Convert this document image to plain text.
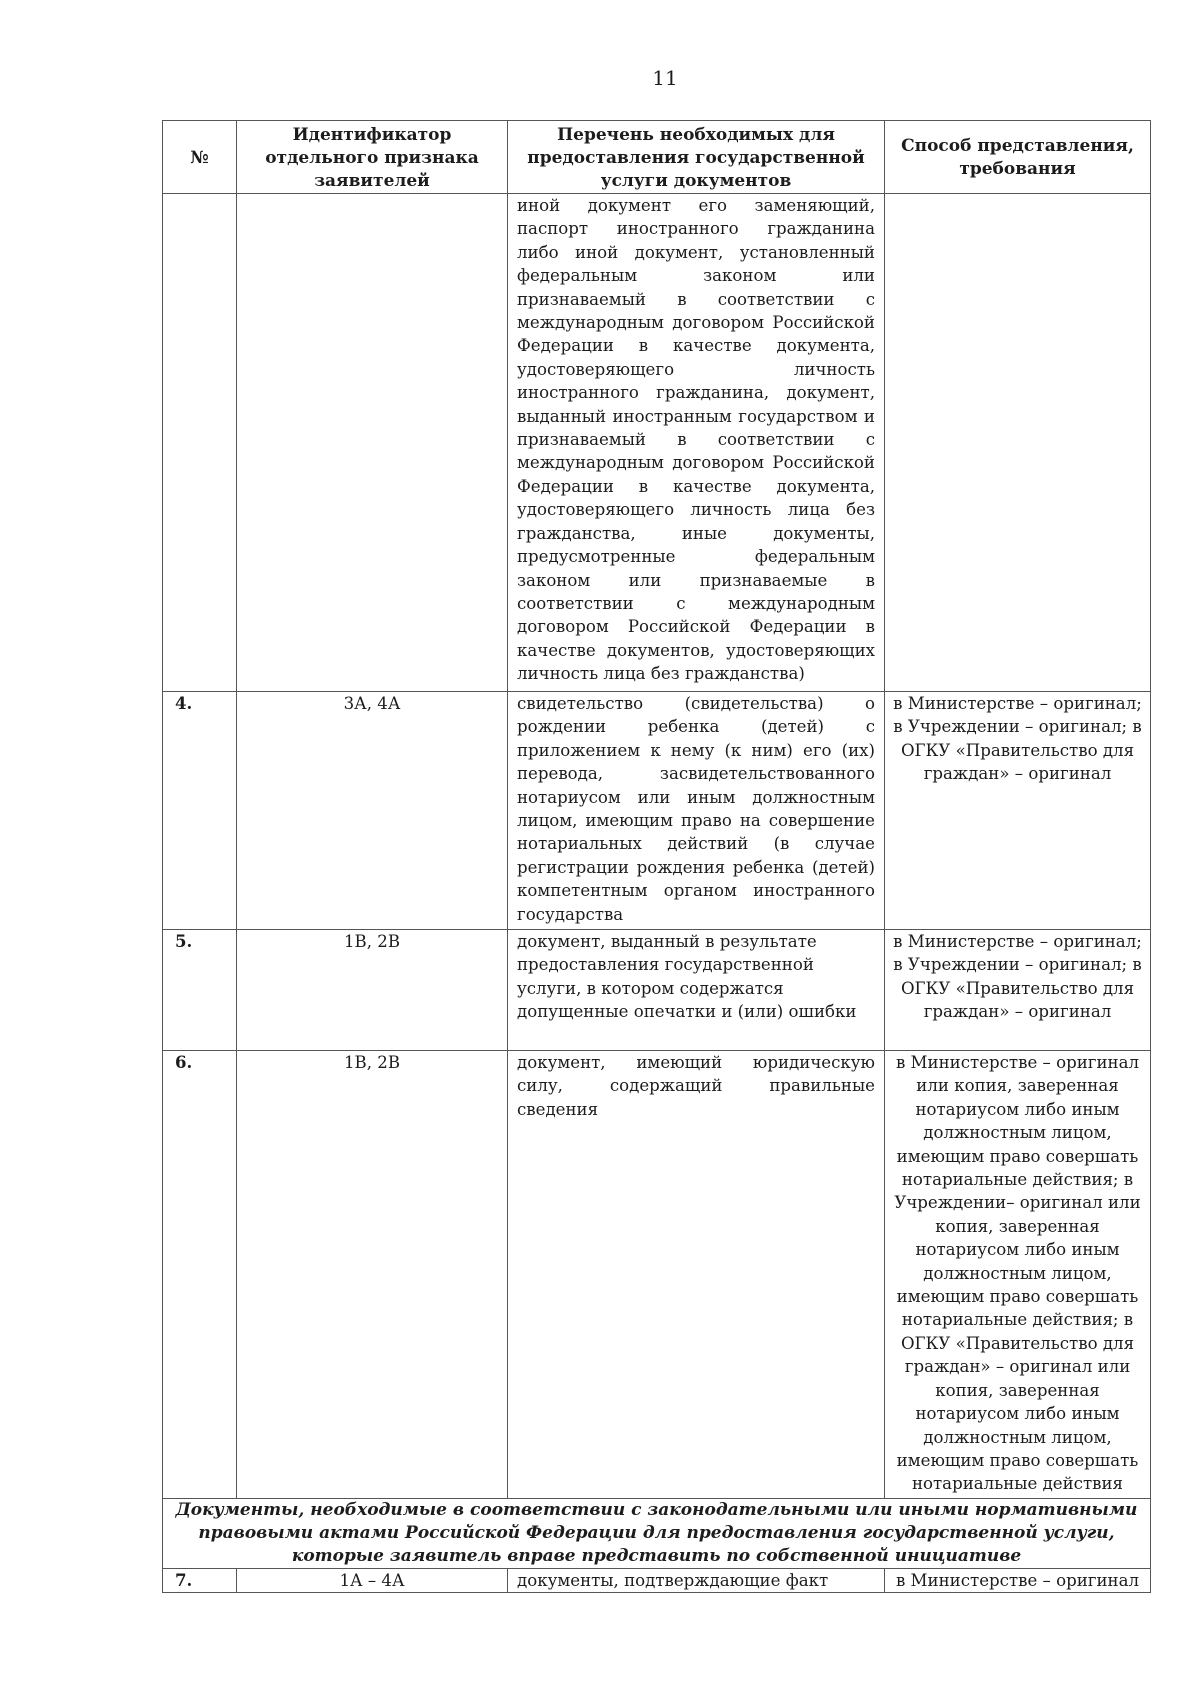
11
№	Идентификатор отдельного признака заявителей	Перечень необходимых для предоставления государственной услуги документов	Способ представления, требования
		иной документ его заменяющий, паспорт иностранного гражданина либо иной документ, установленный федеральным законом или признаваемый в соответствии с международным договором Российской Федерации в качестве документа, удостоверяющего личность иностранного гражданина, документ, выданный иностранным государством и признаваемый в соответствии с международным договором Российской Федерации в качестве документа, удостоверяющего личность лица без гражданства, иные документы, предусмотренные федеральным законом или признаваемые в соответствии с международным договором Российской Федерации в качестве документов, удостоверяющих личность лица без гражданства)	
4.	3А, 4А	свидетельство (свидетельства) о рождении ребенка (детей) с приложением к нему (к ним) его (их) перевода, засвидетельствованного нотариусом или иным должностным лицом, имеющим право на совершение нотариальных действий (в случае регистрации рождения ребенка (детей) компетентным органом иностранного государства	в Министерстве – оригинал; в Учреждении – оригинал; в ОГКУ «Правительство для граждан» – оригинал
5.	1В, 2В	документ, выданный в результате предоставления государственной услуги, в котором содержатся допущенные опечатки и (или) ошибки	в Министерстве – оригинал; в Учреждении – оригинал; в ОГКУ «Правительство для граждан» – оригинал
6.	1В, 2В	документ, имеющий юридическую силу, содержащий правильные сведения	в Министерстве – оригинал или копия, заверенная нотариусом либо иным должностным лицом, имеющим право совершать нотариальные действия; в Учреждении– оригинал или копия, заверенная нотариусом либо иным должностным лицом, имеющим право совершать нотариальные действия; в ОГКУ «Правительство для граждан» – оригинал или копия, заверенная нотариусом либо иным должностным лицом, имеющим право совершать нотариальные действия
Документы, необходимые в соответствии с законодательными или иными нормативными правовыми актами Российской Федерации для предоставления государственной услуги, которые заявитель вправе представить по собственной инициативе			
7.	1А – 4А	документы, подтверждающие факт	в Министерстве – оригинал
